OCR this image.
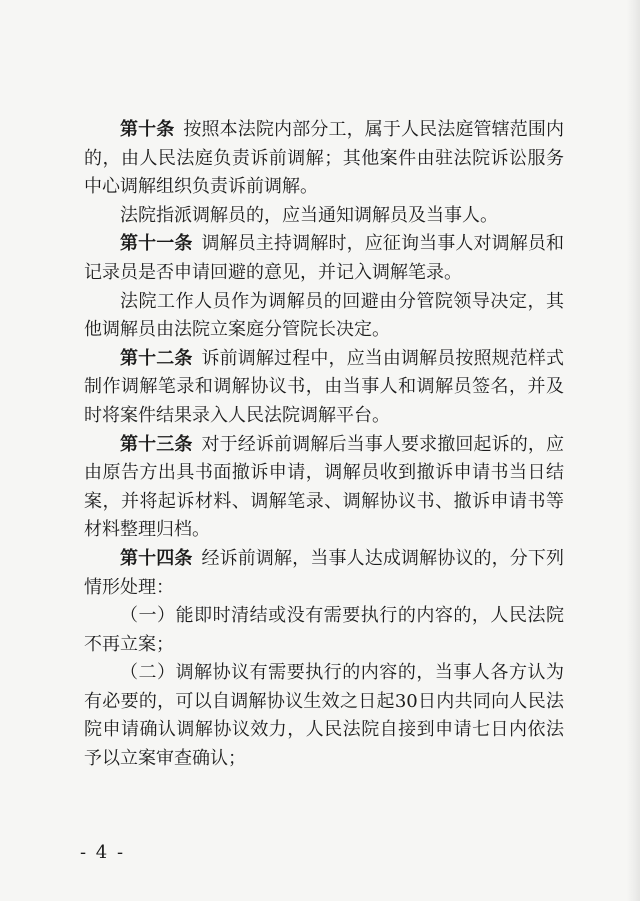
第十条 按照本法院内部分工，属于人民法庭管辖范围内的，由人民法庭负责诉前调解；其他案件由驻法院诉讼服务中心调解组织负责诉前调解。

法院指派调解员的，应当通知调解员及当事人。

第十一条 调解员主持调解时，应征询当事人对调解员和记录员是否申请回避的意见，并记入调解笔录。

法院工作人员作为调解员的回避由分管院领导决定，其他调解员由法院立案庭分管院长决定。

第十二条 诉前调解过程中，应当由调解员按照规范样式制作调解笔录和调解协议书，由当事人和调解员签名，并及时将案件结果录入人民法院调解平台。

第十三条 对于经诉前调解后当事人要求撤回起诉的，应由原告方出具书面撤诉申请，调解员收到撤诉申请书当日结案，并将起诉材料、调解笔录、调解协议书、撤诉申请书等材料整理归档。

第十四条 经诉前调解，当事人达成调解协议的，分下列情形处理：

（一）能即时清结或没有需要执行的内容的，人民法院不再立案；

（二）调解协议有需要执行的内容的，当事人各方认为有必要的，可以自调解协议生效之日起30日内共同向人民法院申请确认调解协议效力，人民法院自接到申请七日内依法予以立案审查确认；

- 4 -
